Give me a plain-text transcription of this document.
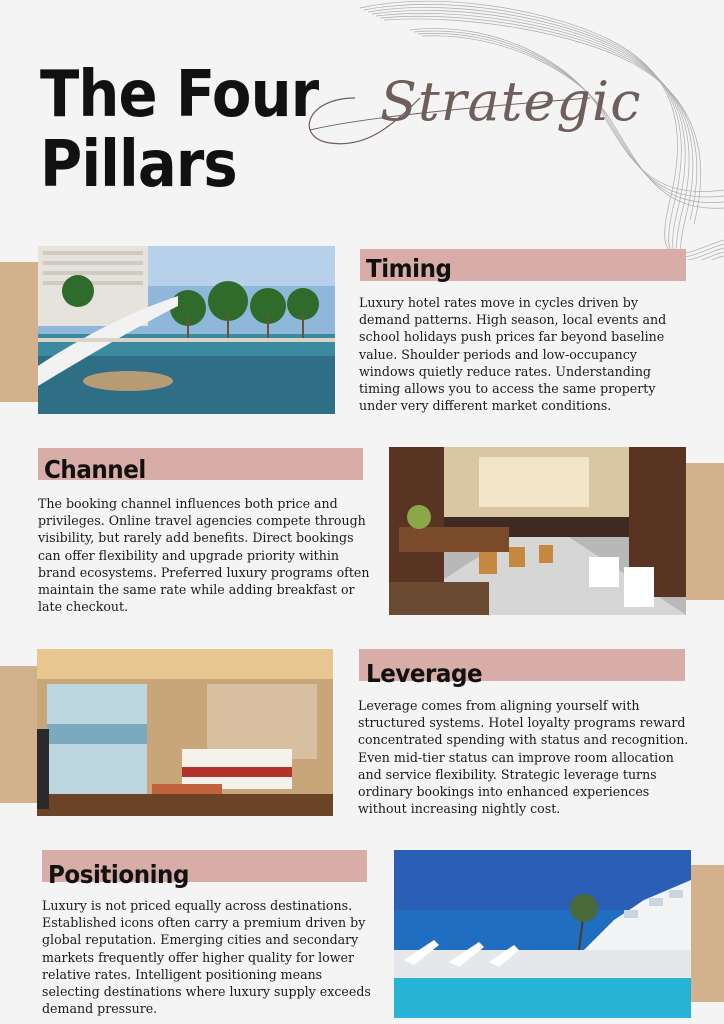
The Four
Pillars
Strategic
Timing

Luxury hotel rates move in cycles driven by demand patterns. High season, local events and school holidays push prices far beyond baseline value. Shoulder periods and low-occupancy windows quietly reduce rates. Understanding timing allows you to access the same property under very different market conditions.

Channel

The booking channel influences both price and privileges. Online travel agencies compete through visibility, but rarely add benefits. Direct bookings can offer flexibility and upgrade priority within brand ecosystems. Preferred luxury programs often maintain the same rate while adding breakfast or late checkout.

Leverage

Leverage comes from aligning yourself with structured systems. Hotel loyalty programs reward concentrated spending with status and recognition. Even mid-tier status can improve room allocation and service flexibility. Strategic leverage turns ordinary bookings into enhanced experiences without increasing nightly cost.

Positioning

Luxury is not priced equally across destinations. Established icons often carry a premium driven by global reputation. Emerging cities and secondary markets frequently offer higher quality for lower relative rates. Intelligent positioning means selecting destinations where luxury supply exceeds demand pressure.
